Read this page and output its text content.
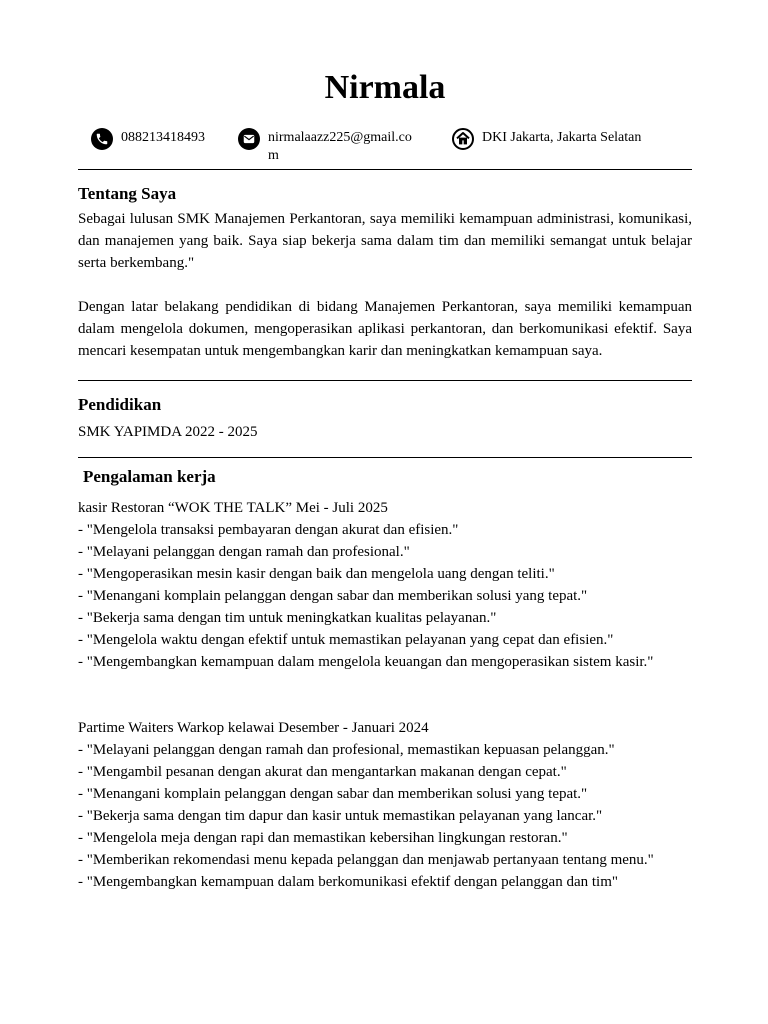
Nirmala
088213418493	nirmalaazz225@gmail.co
m
DKI Jakarta, Jakarta Selatan
Tentang Saya

Sebagai lulusan SMK Manajemen Perkantoran, saya memiliki kemampuan administrasi, komunikasi, dan manajemen yang baik. Saya siap bekerja sama dalam tim dan memiliki semangat untuk belajar serta berkembang."

Dengan latar belakang pendidikan di bidang Manajemen Perkantoran, saya memiliki kemampuan dalam mengelola dokumen, mengoperasikan aplikasi perkantoran, dan berkomunikasi efektif. Saya mencari kesempatan untuk mengembangkan karir dan meningkatkan kemampuan saya.

Pendidikan
SMK YAPIMDA 2022 - 2025
Pengalaman kerja
kasir Restoran “WOK THE TALK” Mei - Juli 2025
- "Mengelola transaksi pembayaran dengan akurat dan efisien."
- "Melayani pelanggan dengan ramah dan profesional."
- "Mengoperasikan mesin kasir dengan baik dan mengelola uang dengan teliti."
- "Menangani komplain pelanggan dengan sabar dan memberikan solusi yang tepat."
- "Bekerja sama dengan tim untuk meningkatkan kualitas pelayanan."
- "Mengelola waktu dengan efektif untuk memastikan pelayanan yang cepat dan efisien."
- "Mengembangkan kemampuan dalam mengelola keuangan dan mengoperasikan sistem kasir."
Partime Waiters Warkop kelawai Desember - Januari 2024
- "Melayani pelanggan dengan ramah dan profesional, memastikan kepuasan pelanggan."
- "Mengambil pesanan dengan akurat dan mengantarkan makanan dengan cepat."
- "Menangani komplain pelanggan dengan sabar dan memberikan solusi yang tepat."
- "Bekerja sama dengan tim dapur dan kasir untuk memastikan pelayanan yang lancar."
- "Mengelola meja dengan rapi dan memastikan kebersihan lingkungan restoran."
- "Memberikan rekomendasi menu kepada pelanggan dan menjawab pertanyaan tentang menu."
- "Mengembangkan kemampuan dalam berkomunikasi efektif dengan pelanggan dan tim"
